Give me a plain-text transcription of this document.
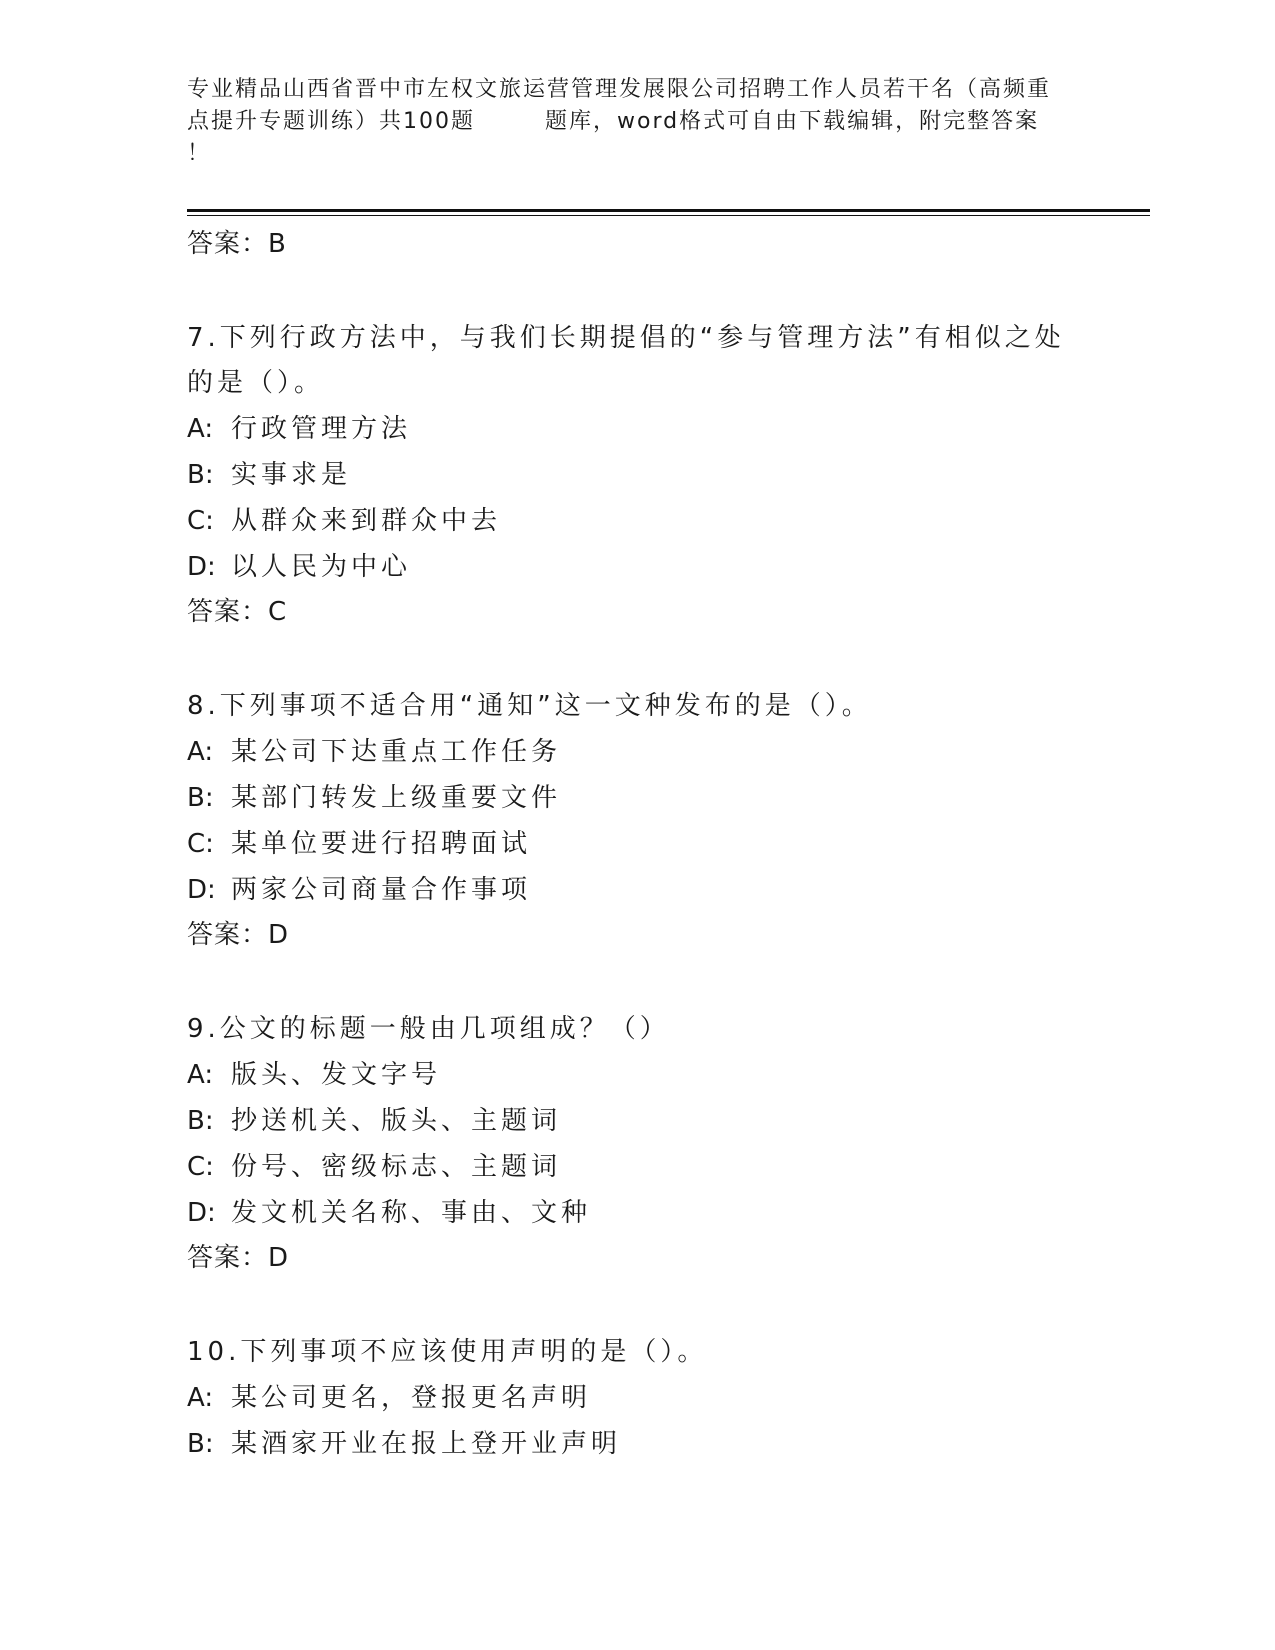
专业精品山西省晋中市左权文旅运营管理发展限公司招聘工作人员若干名（高频重
点提升专题训练）共100题	题库，word格式可自由下载编辑，附完整答案
！
答案：B
7.下列行政方法中，与我们长期提倡的“参与管理方法”有相似之处
的是（）。
A: 行政管理方法
B: 实事求是
C: 从群众来到群众中去
D: 以人民为中心
答案：C
8.下列事项不适合用“通知”这一文种发布的是（）。
A: 某公司下达重点工作任务
B: 某部门转发上级重要文件
C: 某单位要进行招聘面试
D: 两家公司商量合作事项
答案：D
9.公文的标题一般由几项组成？（）
A: 版头、发文字号
B: 抄送机关、版头、主题词
C: 份号、密级标志、主题词
D: 发文机关名称、事由、文种
答案：D
10.下列事项不应该使用声明的是（）。
A: 某公司更名，登报更名声明
B: 某酒家开业在报上登开业声明
